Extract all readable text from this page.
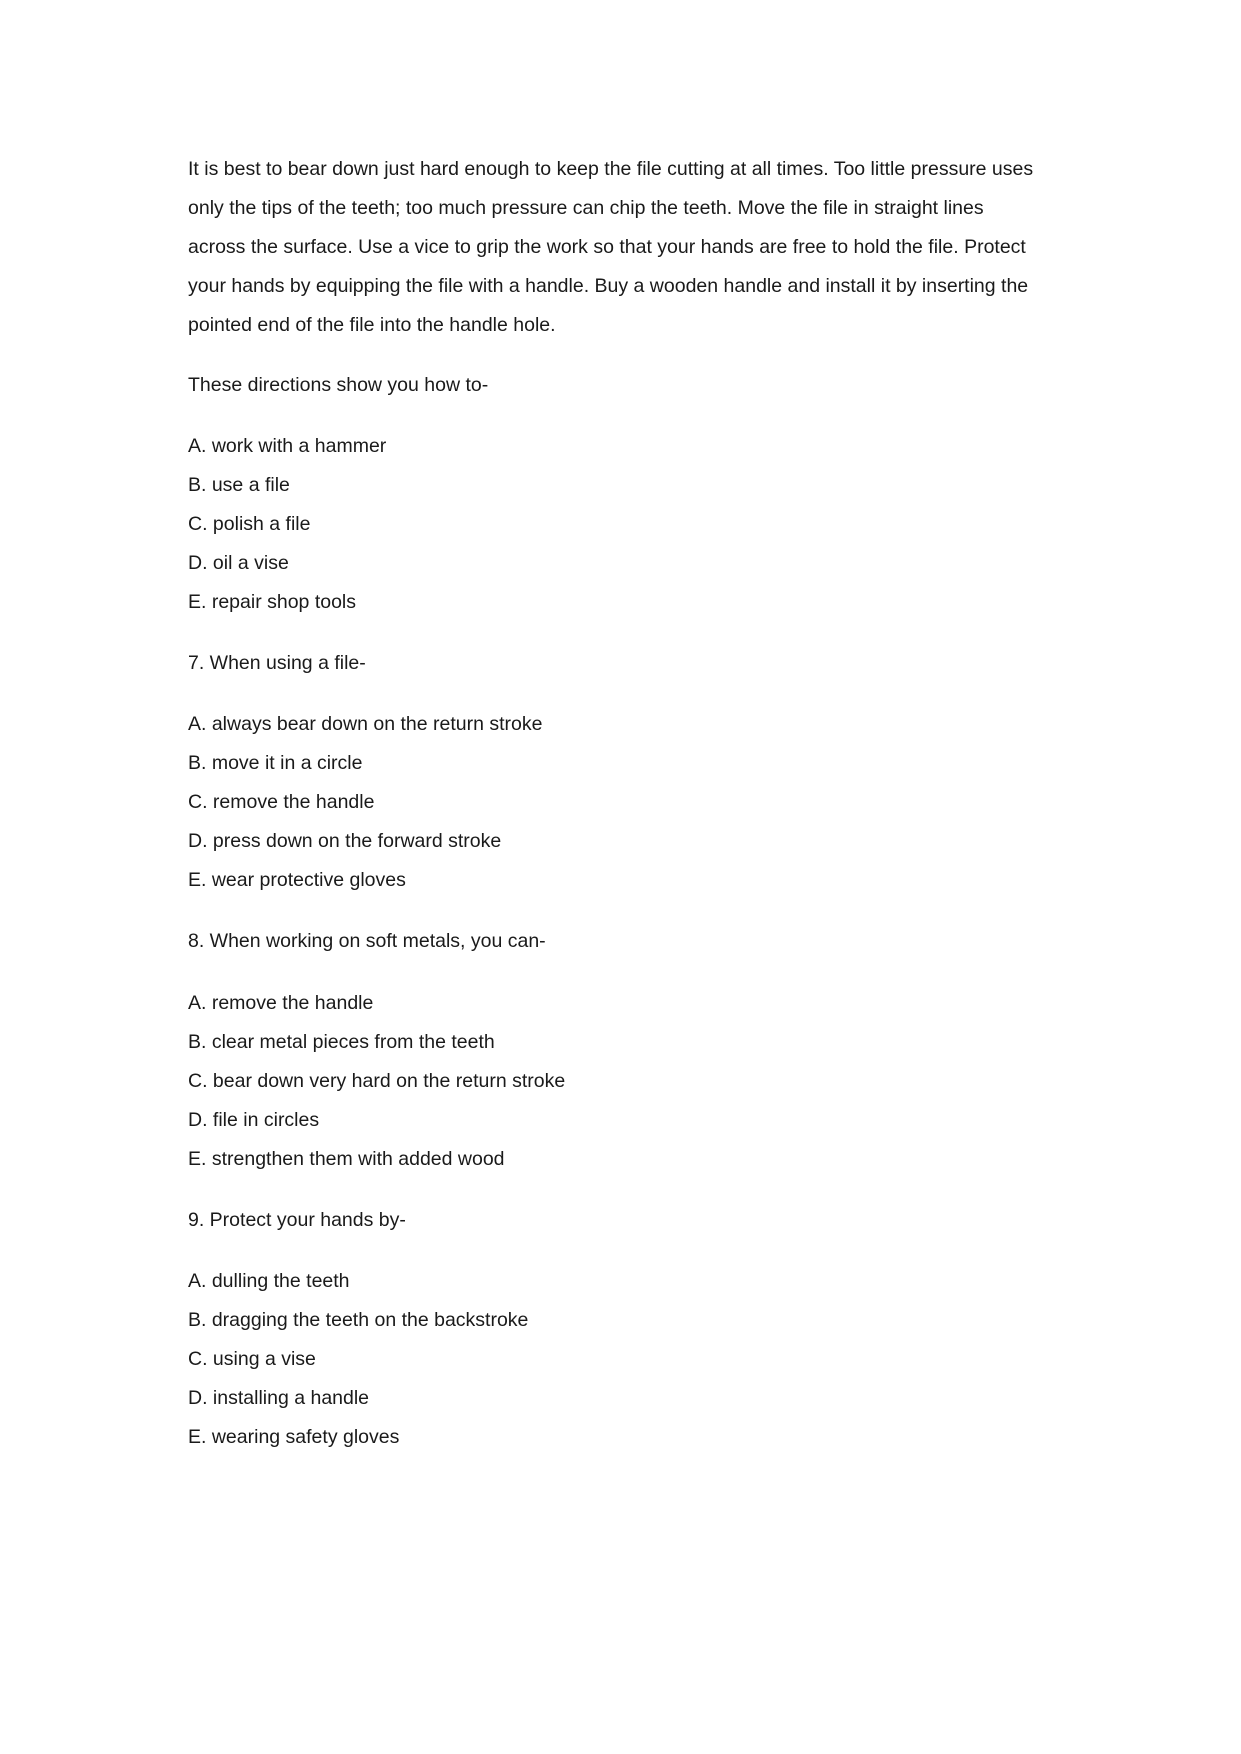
It is best to bear down just hard enough to keep the file cutting at all times. Too little pressure uses
only the tips of the teeth; too much pressure can chip the teeth. Move the file in straight lines
across the surface. Use a vice to grip the work so that your hands are free to hold the file. Protect
your hands by equipping the file with a handle. Buy a wooden handle and install it by inserting the
pointed end of the file into the handle hole.

These directions show you how to-

A. work with a hammer

B. use a file

C. polish a file

D. oil a vise

E. repair shop tools

7. When using a file-

A. always bear down on the return stroke

B. move it in a circle

C. remove the handle

D. press down on the forward stroke

E. wear protective gloves

8. When working on soft metals, you can-

A. remove the handle

B. clear metal pieces from the teeth

C. bear down very hard on the return stroke

D. file in circles

E. strengthen them with added wood

9. Protect your hands by-

A. dulling the teeth

B. dragging the teeth on the backstroke

C. using a vise

D. installing a handle

E. wearing safety gloves
